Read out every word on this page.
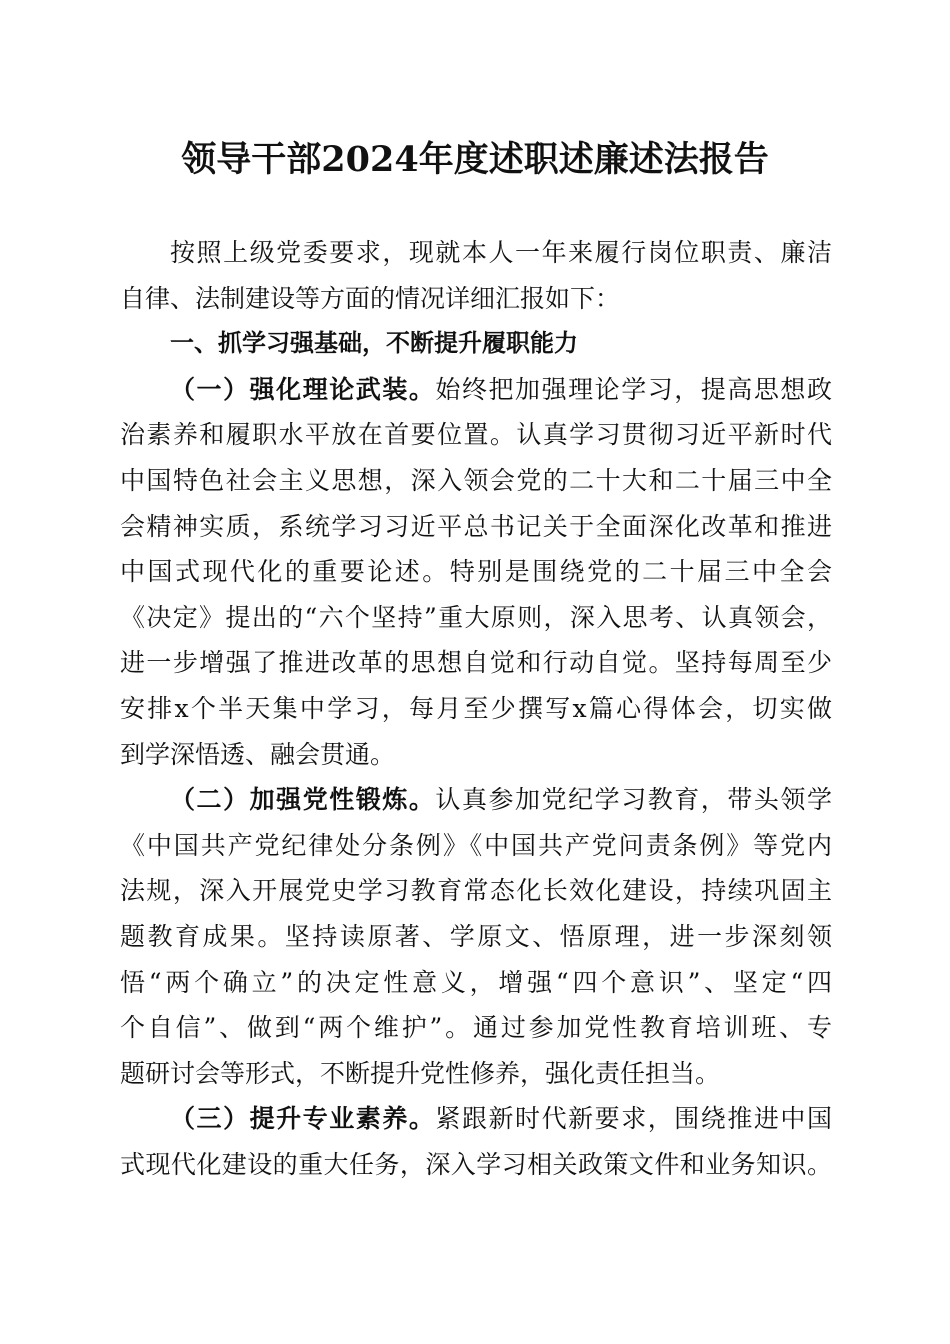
领导干部2024年度述职述廉述法报告

按照上级党委要求，现就本人一年来履行岗位职责、廉洁

自律、法制建设等方面的情况详细汇报如下：

一、抓学习强基础，不断提升履职能力

（一）强化理论武装。始终把加强理论学习，提高思想政

治素养和履职水平放在首要位置。认真学习贯彻习近平新时代

中国特色社会主义思想，深入领会党的二十大和二十届三中全

会精神实质，系统学习习近平总书记关于全面深化改革和推进

中国式现代化的重要论述。特别是围绕党的二十届三中全会

《决定》提出的“六个坚持”重大原则，深入思考、认真领会，

进一步增强了推进改革的思想自觉和行动自觉。坚持每周至少

安排x个半天集中学习，每月至少撰写x篇心得体会，切实做

到学深悟透、融会贯通。

（二）加强党性锻炼。认真参加党纪学习教育，带头领学

《中国共产党纪律处分条例》《中国共产党问责条例》等党内

法规，深入开展党史学习教育常态化长效化建设，持续巩固主

题教育成果。坚持读原著、学原文、悟原理，进一步深刻领

悟“两个确立”的决定性意义，增强“四个意识”、坚定“四

个自信”、做到“两个维护”。通过参加党性教育培训班、专

题研讨会等形式，不断提升党性修养，强化责任担当。

（三）提升专业素养。紧跟新时代新要求，围绕推进中国

式现代化建设的重大任务，深入学习相关政策文件和业务知识。
